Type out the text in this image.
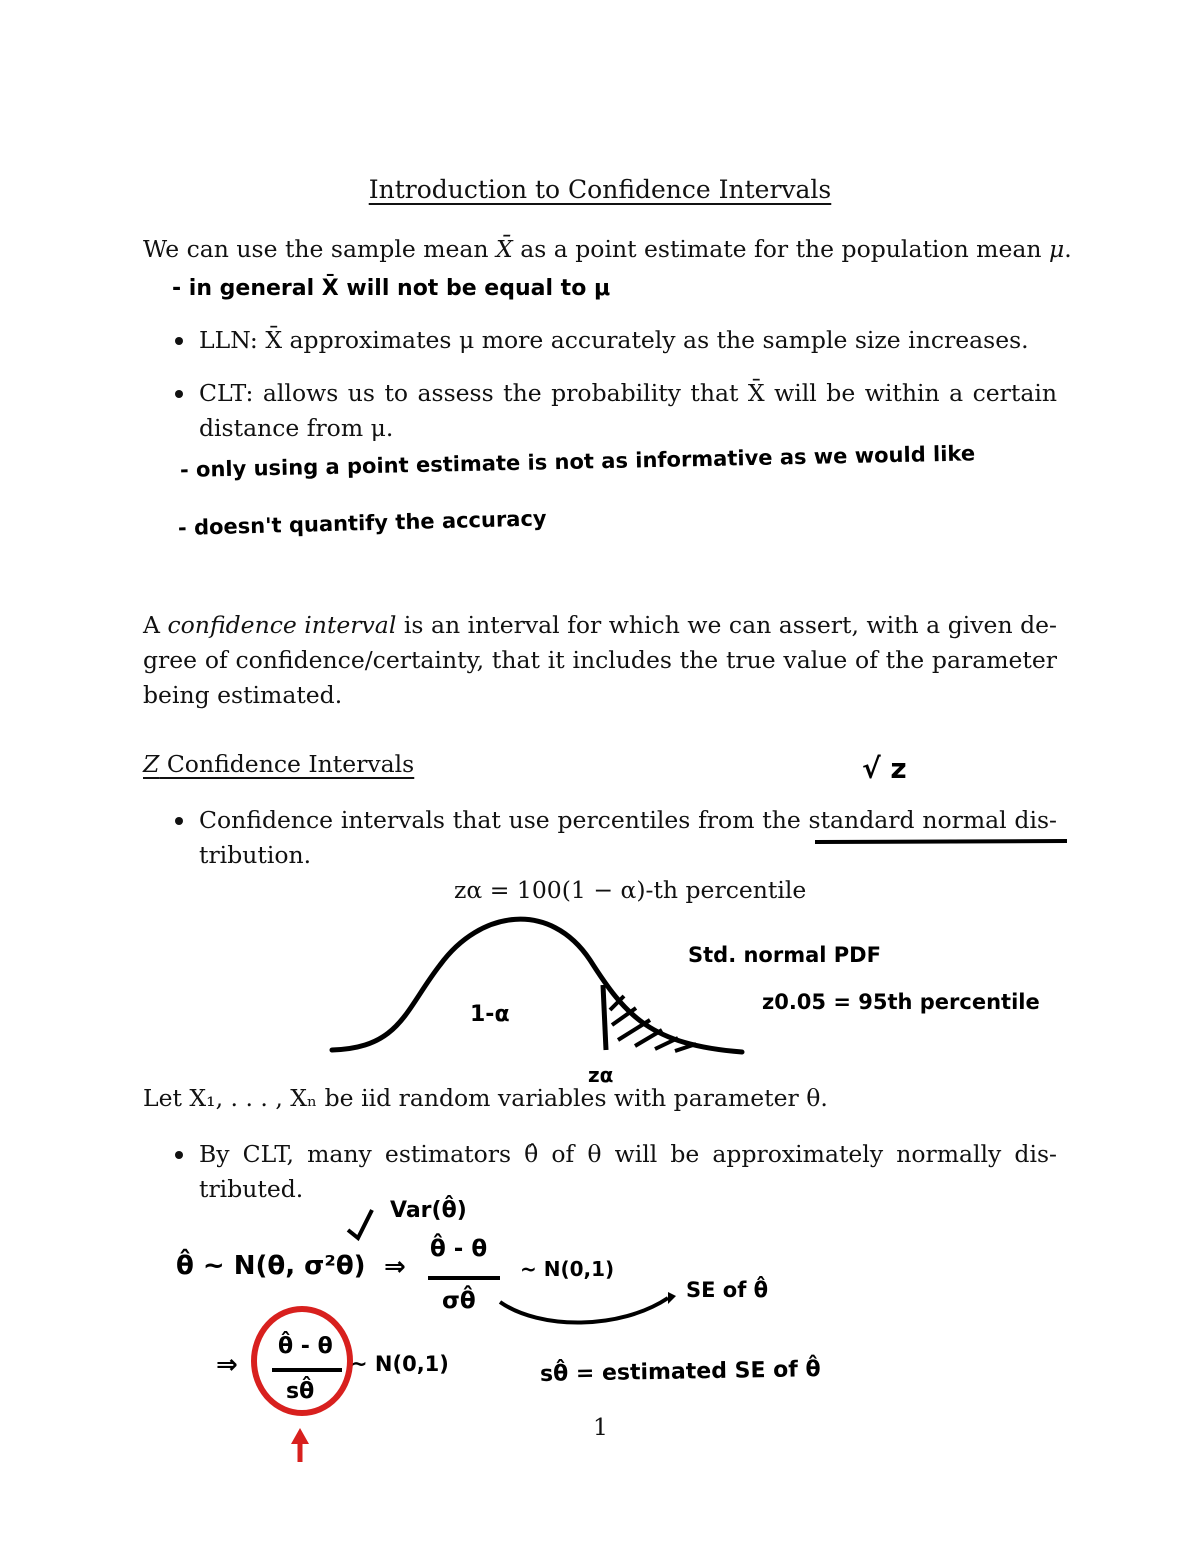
Introduction to Confidence Intervals
We can use the sample mean X̄ as a point estimate for the population mean μ.
- in general X̄ will not be equal to μ
LLN: X̄ approximates μ more accurately as the sample size increases.
CLT: allows us to assess the probability that X̄ will be within a certain
distance from μ.
- only using a point estimate is not as informative as we would like
- doesn't quantify the accuracy
A confidence interval is an interval for which we can assert, with a given de-
gree of confidence/certainty, that it includes the true value of the parameter
being estimated.
Z Confidence Intervals	√ z
Confidence intervals that use percentiles from the standard normal dis-
tribution.
zα = 100(1 − α)-th percentile
Std. normal PDF
z0.05 = 95th percentile
1-α
zα
Let X₁, . . . , Xₙ be iid random variables with parameter θ.
By CLT, many estimators θ̂ of θ will be approximately normally dis-
tributed.
Var(θ̂)
θ̂ ~ N(θ, σ²θ) ⇒
θ̂ - θ
σθ̂
~ N(0,1)
SE of θ̂
⇒
θ̂ - θ
sθ̂
~ N(0,1)	sθ̂ = estimated SE of θ̂
1
